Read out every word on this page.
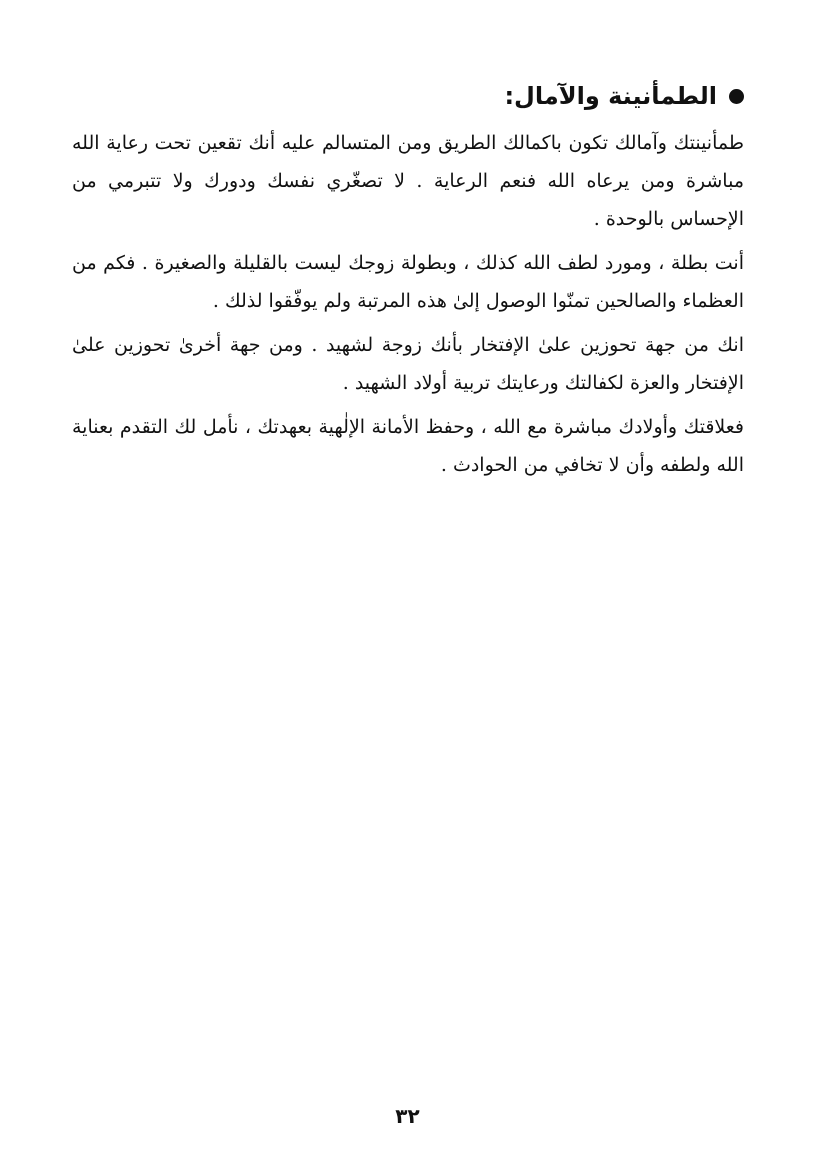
الطمأنينة والآمال:

طمأنينتك وآمالك تكون باكمالك الطريق ومن المتسالم عليه أنك تقعين تحت رعاية الله مباشرة ومن يرعاه الله فنعم الرعاية . لا تصغّري نفسك ودورك ولا تتبرمي من الإحساس بالوحدة .

أنت بطلة ، ومورد لطف الله كذلك ، وبطولة زوجك ليست بالقليلة والصغيرة . فكم من العظماء والصالحين تمنّوا الوصول إلىٰ هذه المرتبة ولم يوفّقوا لذلك .

انك من جهة تحوزين علىٰ الإفتخار بأنك زوجة لشهيد . ومن جهة أخرىٰ تحوزين علىٰ الإفتخار والعزة لكفالتك ورعايتك تربية أولاد الشهيد .

فعلاقتك وأولادك مباشرة مع الله ، وحفظ الأمانة الإلٰهية بعهدتك ، نأمل لك التقدم بعناية الله ولطفه وأن لا تخافي من الحوادث .

٣٢
